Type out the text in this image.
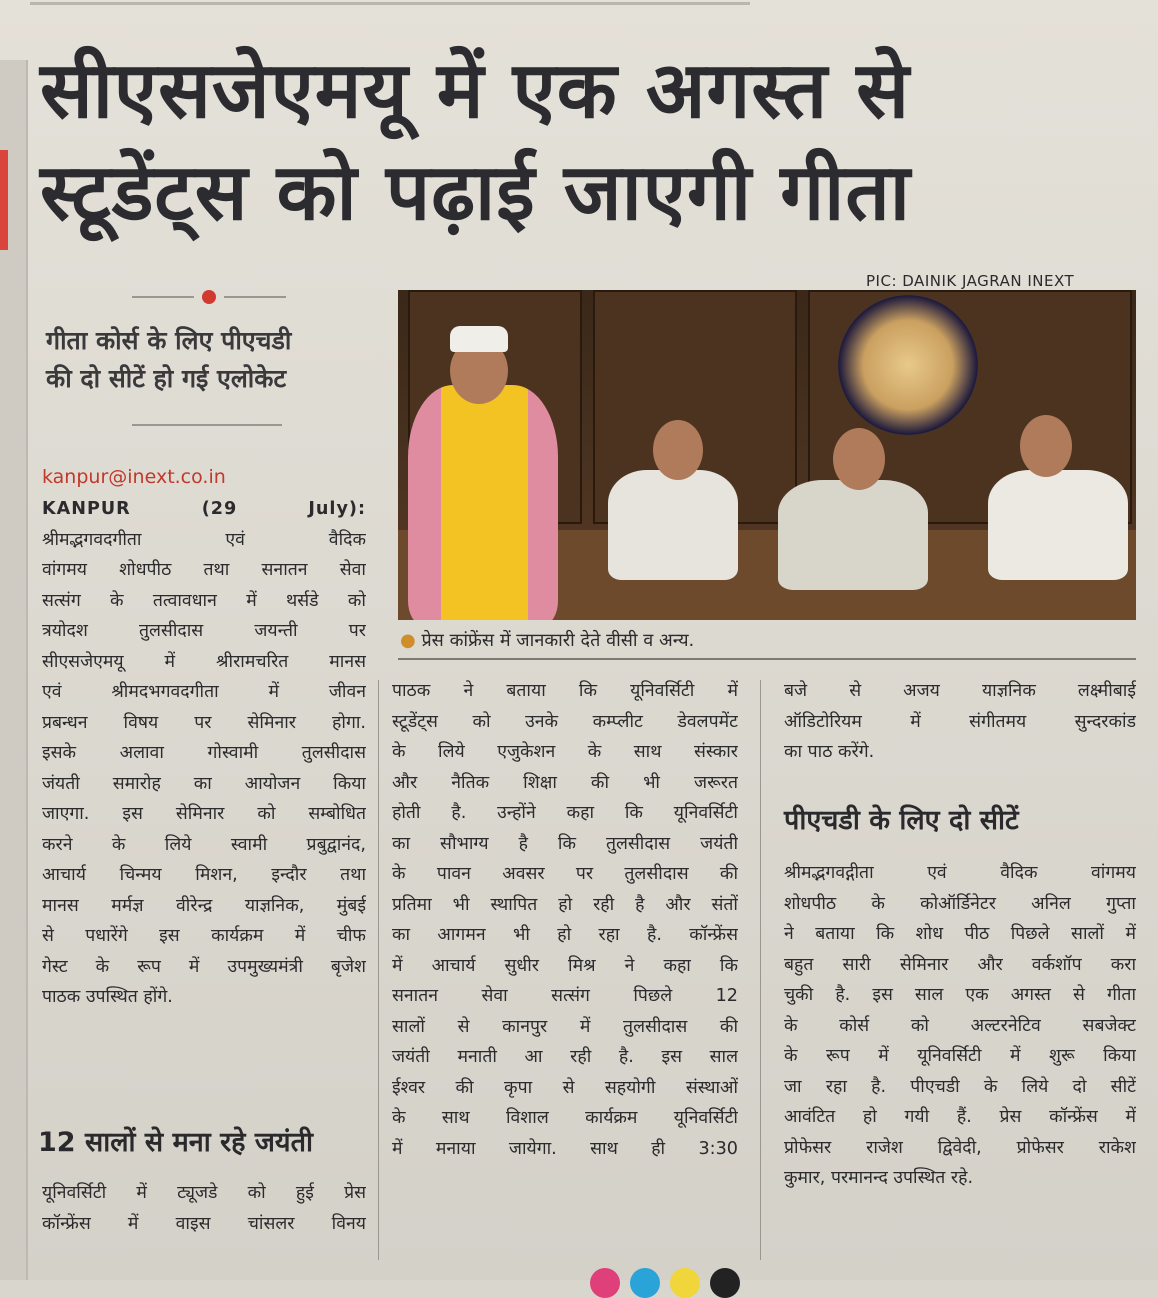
सीएसजेएमयू में एक अगस्त से
स्टूडेंट्स को पढ़ाई जाएगी गीता
PIC: DAINIK JAGRAN INEXT
गीता कोर्स के लिए पीएचडी
की दो सीटें हो गई एलोकेट
kanpur@inext.co.in
KANPUR (29 July):
श्रीमद्भगवदगीता एवं वैदिक
वांगमय शोधपीठ तथा सनातन सेवा
सत्संग के तत्वावधान में थर्सडे को
त्रयोदश तुलसीदास जयन्ती पर
सीएसजेएमयू में श्रीरामचरित मानस
एवं श्रीमदभगवदगीता में जीवन
प्रबन्धन विषय पर सेमिनार होगा.
इसके अलावा गोस्वामी तुलसीदास
जंयती समारोह का आयोजन किया
जाएगा. इस सेमिनार को सम्बोधित
करने के लिये स्वामी प्रबुद्वानंद,
आचार्य चिन्मय मिशन, इन्दौर तथा
मानस मर्मज्ञ वीरेन्द्र याज्ञनिक, मुंबई
से पधारेंगे इस कार्यक्रम में चीफ
गेस्ट के रूप में उपमुख्यमंत्री बृजेश
पाठक उपस्थित होंगे.
12 सालों से मना रहे जयंती
यूनिवर्सिटी में ट्यूजडे को हुई प्रेस
कॉन्फ्रेंस में वाइस चांसलर विनय
● प्रेस कांफ्रेंस में जानकारी देते वीसी व अन्य.
पाठक ने बताया कि यूनिवर्सिटी में
स्टूडेंट्स को उनके कम्प्लीट डेवलपमेंट
के लिये एजुकेशन के साथ संस्कार
और नैतिक शिक्षा की भी जरूरत
होती है. उन्होंने कहा कि यूनिवर्सिटी
का सौभाग्य है कि तुलसीदास जयंती
के पावन अवसर पर तुलसीदास की
प्रतिमा भी स्थापित हो रही है और संतों
का आगमन भी हो रहा है. कॉन्फ्रेंस
में आचार्य सुधीर मिश्र ने कहा कि
सनातन सेवा सत्संग पिछले 12
सालों से कानपुर में तुलसीदास की
जयंती मनाती आ रही है. इस साल
ईश्वर की कृपा से सहयोगी संस्थाओं
के साथ विशाल कार्यक्रम यूनिवर्सिटी
में मनाया जायेगा. साथ ही 3:30
बजे से अजय याज्ञनिक लक्ष्मीबाई
ऑडिटोरियम में संगीतमय सुन्दरकांड
का पाठ करेंगे.
पीएचडी के लिए दो सीटें
श्रीमद्भगवद्गीता एवं वैदिक वांगमय
शोधपीठ के कोऑर्डिनेटर अनिल गुप्ता
ने बताया कि शोध पीठ पिछले सालों में
बहुत सारी सेमिनार और वर्कशॉप करा
चुकी है. इस साल एक अगस्त से गीता
के कोर्स को अल्टरनेटिव सबजेक्ट
के रूप में यूनिवर्सिटी में शुरू किया
जा रहा है. पीएचडी के लिये दो सीटें
आवंटित हो गयी हैं. प्रेस कॉन्फ्रेंस में
प्रोफेसर राजेश द्विवेदी, प्रोफेसर राकेश
कुमार, परमानन्द उपस्थित रहे.
